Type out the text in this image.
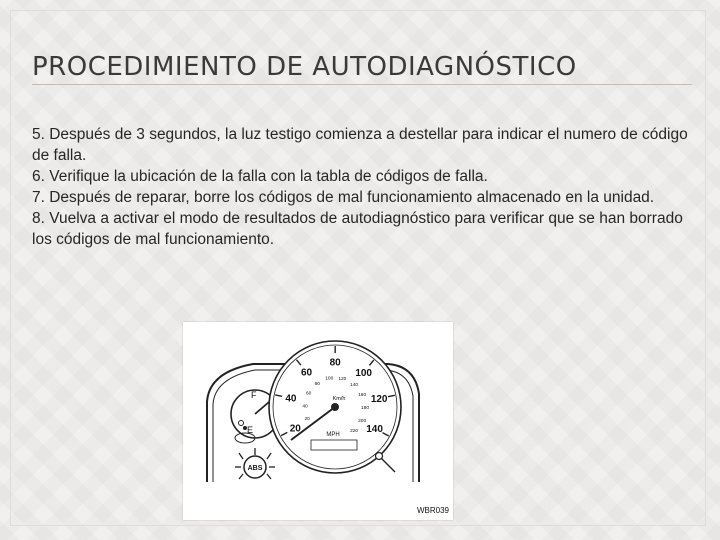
PROCEDIMIENTO DE AUTODIAGNÓSTICO

5. Después de 3 segundos, la luz testigo comienza a destellar para indicar el numero de código de falla.

6. Verifique la ubicación de la falla con la tabla de códigos de falla.

7. Después de reparar, borre los códigos de mal funcionamiento almacenado en la unidad.

8. Vuelva a activar el modo de resultados de autodiagnóstico para verificar que se han borrado los códigos de mal funcionamiento.

F
E
ABS
20
40
60
80
100
120
140
20
40
60
80
100 120
140
160
180
200
220
Km/h
MPH
WBR039
